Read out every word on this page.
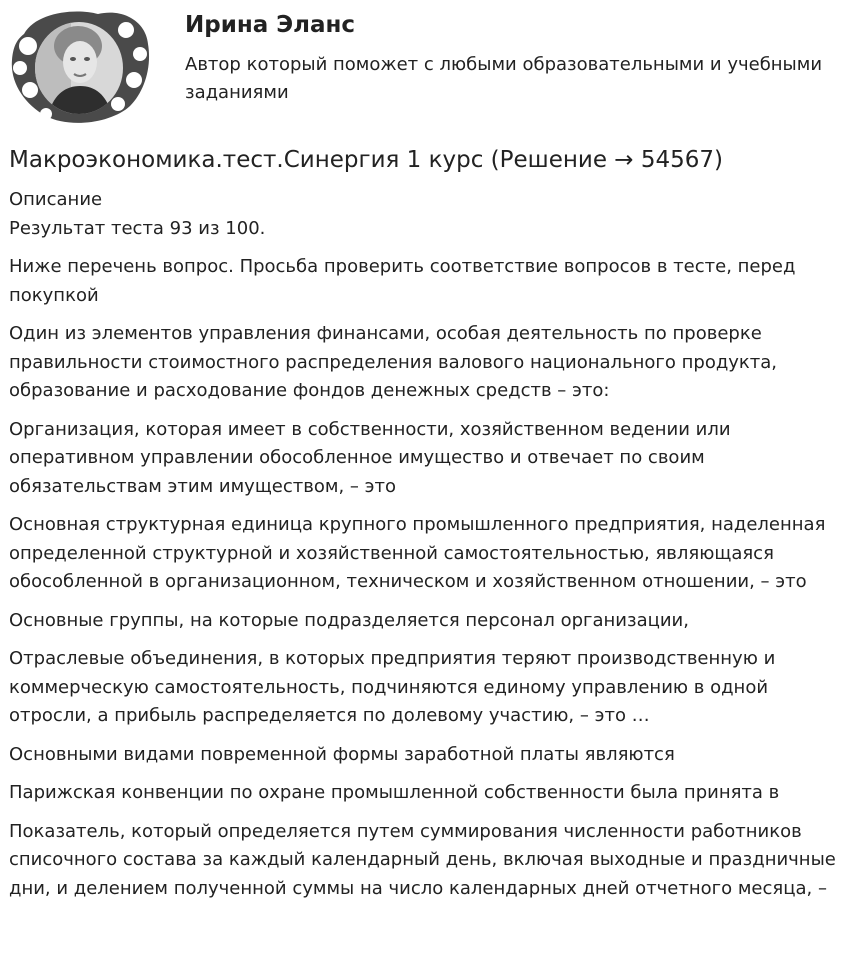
Ирина Эланс
Автор который поможет с любыми образовательными и учебными заданиями
Макроэкономика.тест.Синергия 1 курс (Решение → 54567)

Описание

Результат теста 93 из 100.

Ниже перечень вопрос. Просьба проверить соответствие вопросов в тесте, перед покупкой

Один из элементов управления финансами, особая деятельность по проверке правильности стоимостного распределения валового национального продукта, образование и расходование фондов денежных средств – это:

Организация, которая имеет в собственности, хозяйственном ведении или оперативном управлении обособленное имущество и отвечает по своим обязательствам этим имуществом, – это

Основная структурная единица крупного промышленного предприятия, наделенная определенной структурной и хозяйственной самостоятельностью, являющаяся обособленной в организационном, техническом и хозяйственном отношении, – это

Основные группы, на которые подразделяется персонал организации,

Отраслевые объединения, в которых предприятия теряют производственную и коммерческую самостоятельность, подчиняются единому управлению в одной отросли, а прибыль распределяется по долевому участию, – это …

Основными видами повременной формы заработной платы являются

Парижская конвенции по охране промышленной собственности была принята в

Показатель, который определяется путем суммирования численности работников списочного состава за каждый календарный день, включая выходные и праздничные дни, и делением полученной суммы на число календарных дней отчетного месяца, –
